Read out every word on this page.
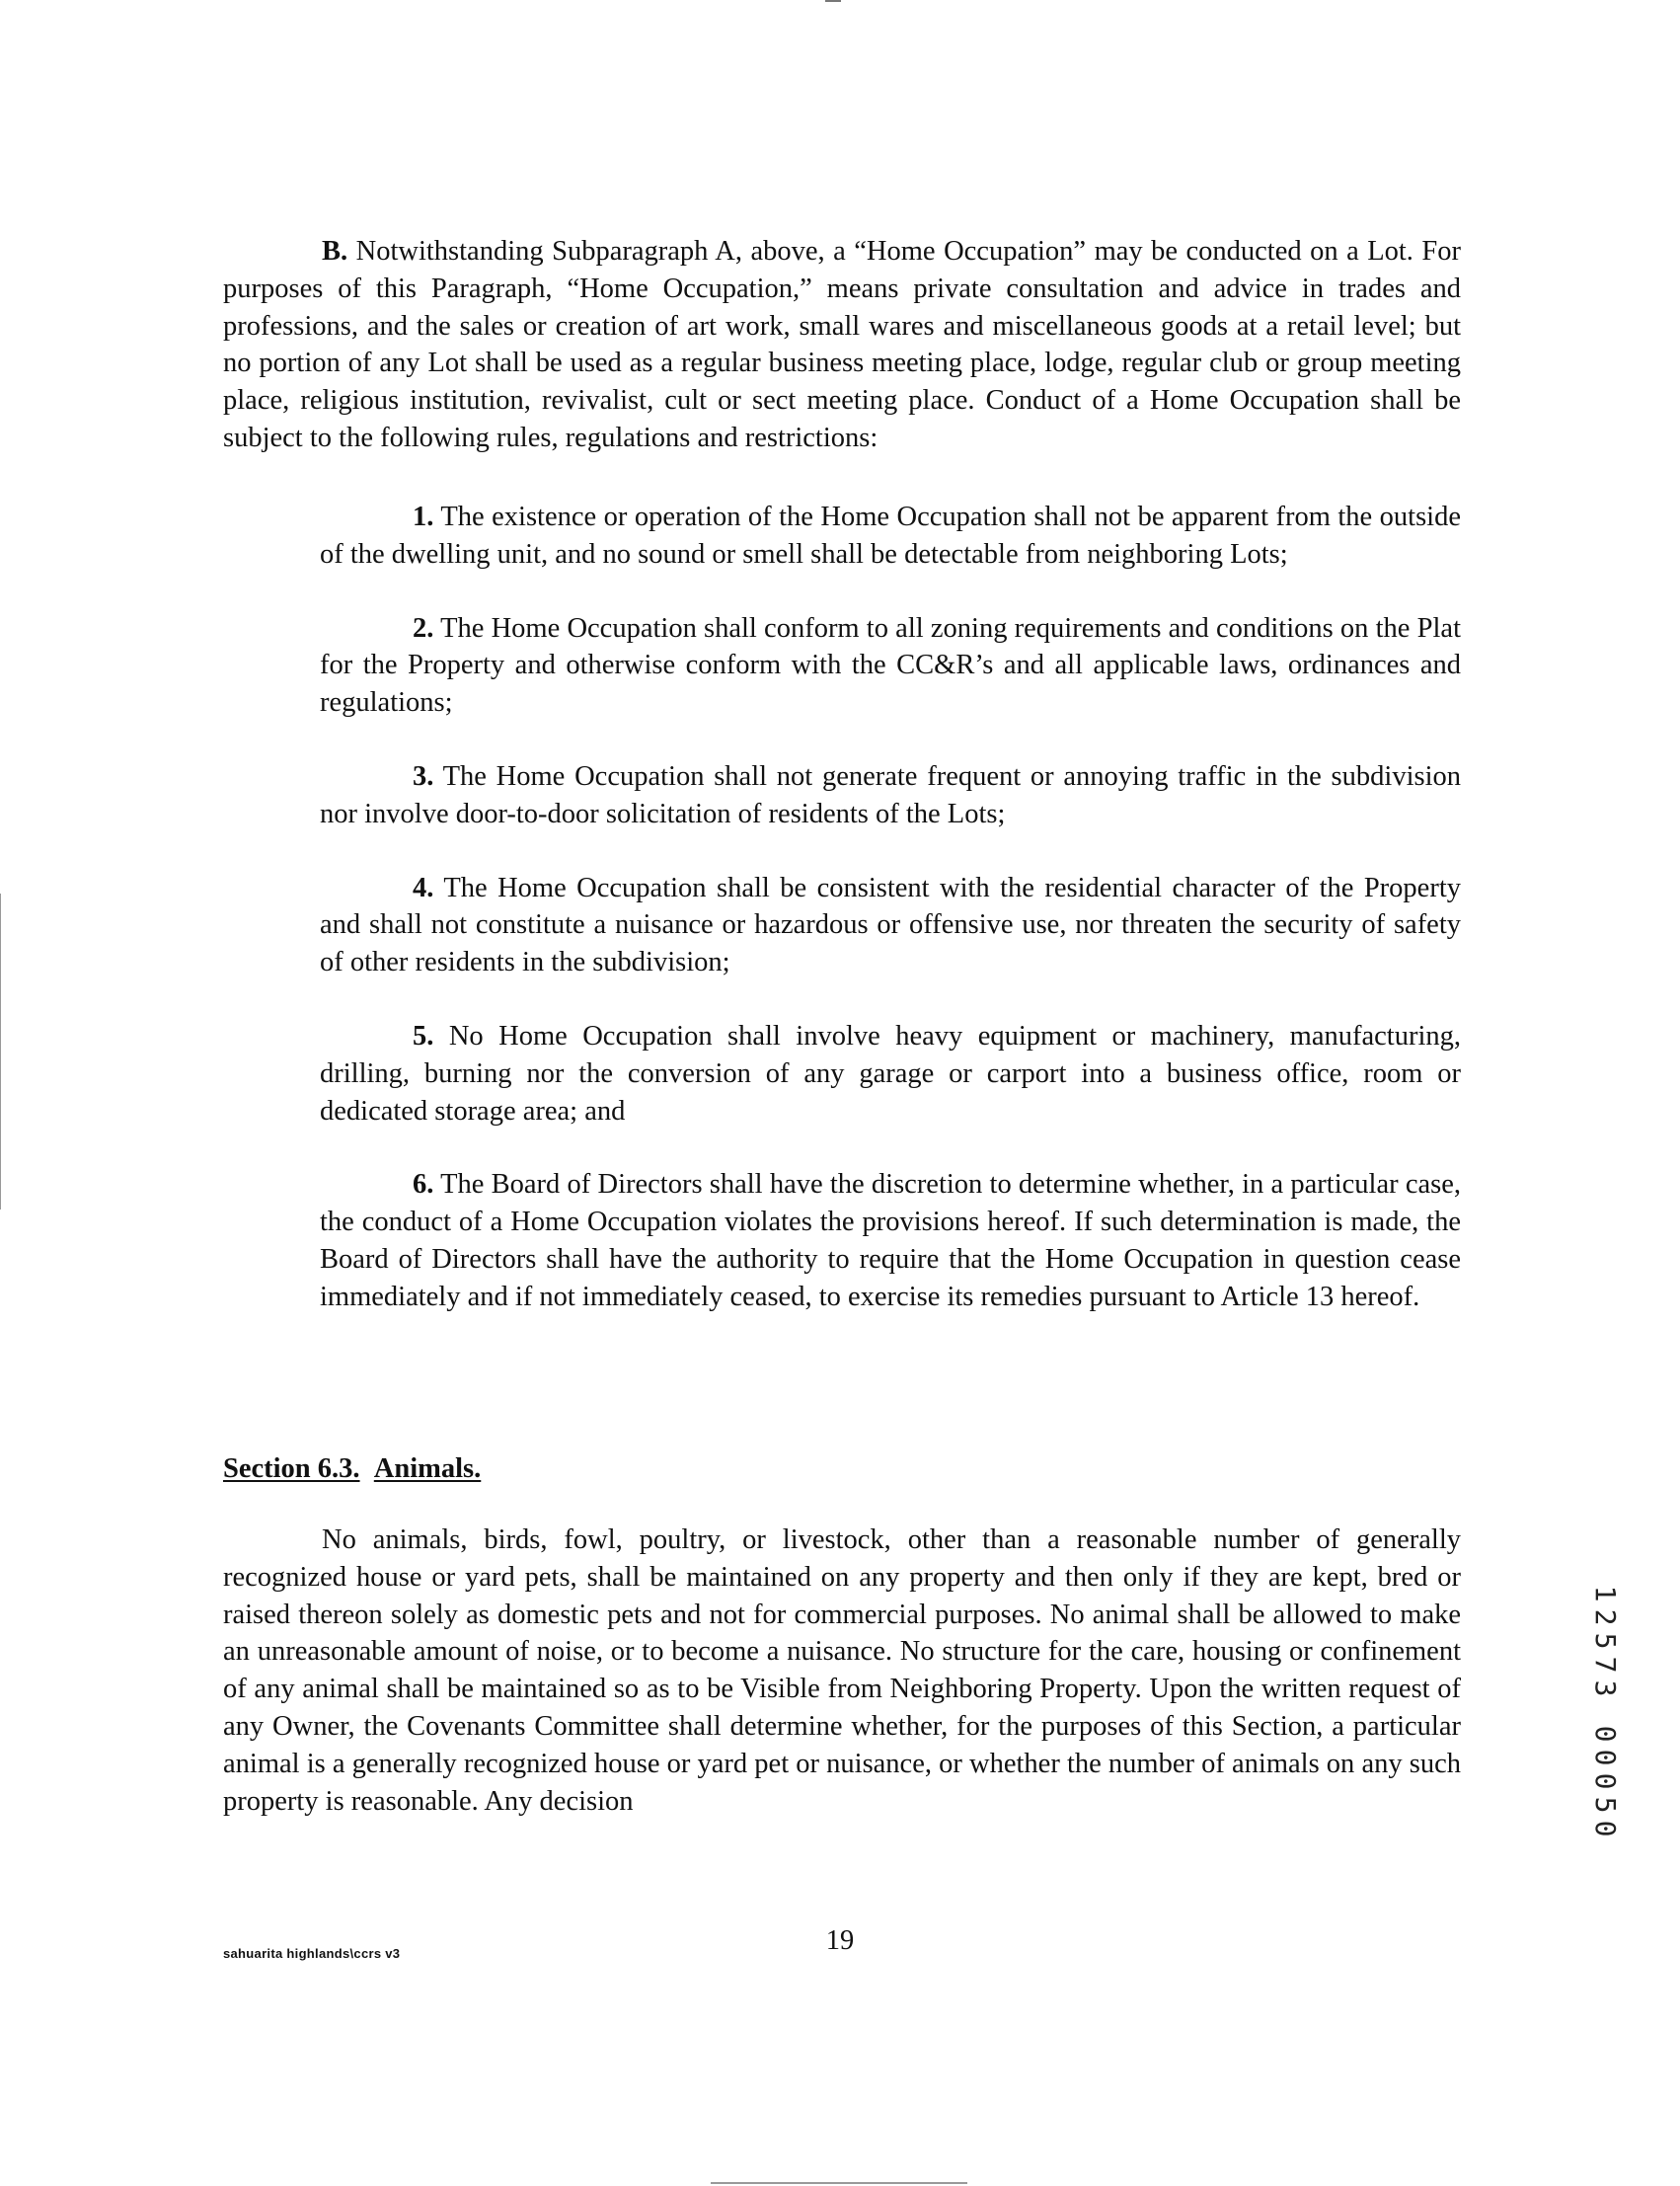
B. Notwithstanding Subparagraph A, above, a “Home Occupation” may be conducted on a Lot. For purposes of this Paragraph, “Home Occupation,” means private consultation and advice in trades and professions, and the sales or creation of art work, small wares and miscellaneous goods at a retail level; but no portion of any Lot shall be used as a regular business meeting place, lodge, regular club or group meeting place, religious institution, revivalist, cult or sect meeting place. Conduct of a Home Occupation shall be subject to the following rules, regulations and restrictions:
1. The existence or operation of the Home Occupation shall not be apparent from the outside of the dwelling unit, and no sound or smell shall be detectable from neighboring Lots;
2. The Home Occupation shall conform to all zoning requirements and conditions on the Plat for the Property and otherwise conform with the CC&R’s and all applicable laws, ordinances and regulations;
3. The Home Occupation shall not generate frequent or annoying traffic in the subdivision nor involve door-to-door solicitation of residents of the Lots;
4. The Home Occupation shall be consistent with the residential character of the Property and shall not constitute a nuisance or hazardous or offensive use, nor threaten the security of safety of other residents in the subdivision;
5. No Home Occupation shall involve heavy equipment or machinery, manufacturing, drilling, burning nor the conversion of any garage or carport into a business office, room or dedicated storage area; and
6. The Board of Directors shall have the discretion to determine whether, in a particular case, the conduct of a Home Occupation violates the provisions hereof. If such determination is made, the Board of Directors shall have the authority to require that the Home Occupation in question cease immediately and if not immediately ceased, to exercise its remedies pursuant to Article 13 hereof.
Section 6.3. Animals.
No animals, birds, fowl, poultry, or livestock, other than a reasonable number of generally recognized house or yard pets, shall be maintained on any property and then only if they are kept, bred or raised thereon solely as domestic pets and not for commercial purposes. No animal shall be allowed to make an unreasonable amount of noise, or to become a nuisance. No structure for the care, housing or confinement of any animal shall be maintained so as to be Visible from Neighboring Property. Upon the written request of any Owner, the Covenants Committee shall determine whether, for the purposes of this Section, a particular animal is a generally recognized house or yard pet or nuisance, or whether the number of animals on any such property is reasonable. Any decision
sahuarita highlands\ccrs v3	19
1
2
5
7
3
0
0
0
5
0
